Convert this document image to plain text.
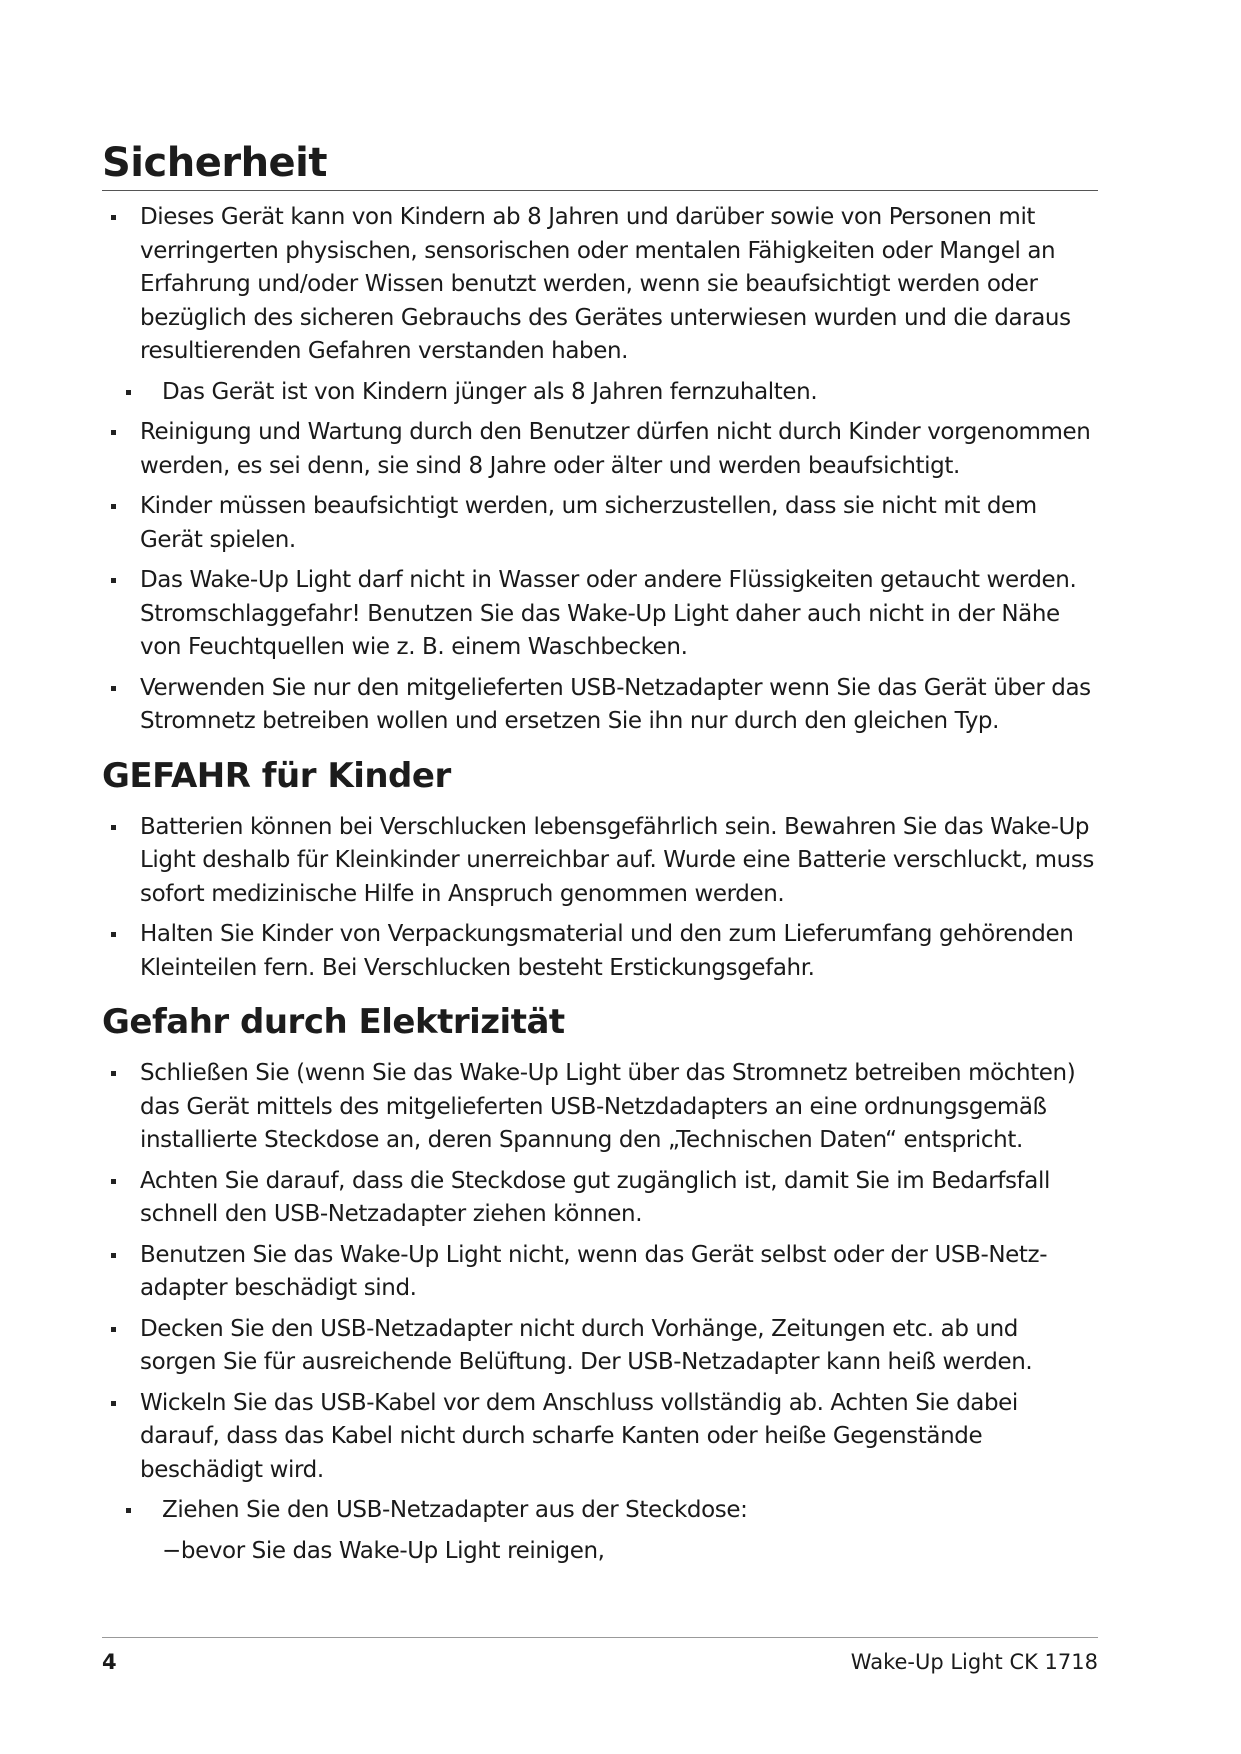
Sicherheit
Dieses Gerät kann von Kindern ab 8 Jahren und darüber sowie von Personen mit verringerten physischen, sensorischen oder mentalen Fähigkeiten oder Mangel an Erfahrung und/oder Wissen benutzt werden, wenn sie beaufsichtigt werden oder bezüglich des sicheren Gebrauchs des Gerätes unterwiesen wurden und die daraus resultierenden Gefahren verstanden haben.
Das Gerät ist von Kindern jünger als 8 Jahren fernzuhalten.
Reinigung und Wartung durch den Benutzer dürfen nicht durch Kinder vorgenommen werden, es sei denn, sie sind 8 Jahre oder älter und werden beaufsichtigt.
Kinder müssen beaufsichtigt werden, um sicherzustellen, dass sie nicht mit dem Gerät spielen.
Das Wake-Up Light darf nicht in Wasser oder andere Flüssigkeiten getaucht werden. Stromschlaggefahr! Benutzen Sie das Wake-Up Light daher auch nicht in der Nähe von Feuchtquellen wie z. B. einem Waschbecken.
Verwenden Sie nur den mitgelieferten USB-Netzadapter wenn Sie das Gerät über das Stromnetz betreiben wollen und ersetzen Sie ihn nur durch den gleichen Typ.
GEFAHR für Kinder
Batterien können bei Verschlucken lebensgefährlich sein. Bewahren Sie das Wake-Up Light deshalb für Kleinkinder unerreichbar auf. Wurde eine Batterie verschluckt, muss sofort medizinische Hilfe in Anspruch genommen werden.
Halten Sie Kinder von Verpackungsmaterial und den zum Lieferumfang gehörenden Kleinteilen fern. Bei Verschlucken besteht Erstickungsgefahr.
Gefahr durch Elektrizität
Schließen Sie (wenn Sie das Wake-Up Light über das Stromnetz betreiben möchten) das Gerät mittels des mitgelieferten USB-Netzdadapters an eine ordnungsgemäß installierte Steckdose an, deren Spannung den „Technischen Daten“ entspricht.
Achten Sie darauf, dass die Steckdose gut zugänglich ist, damit Sie im Bedarfsfall schnell den USB-Netzadapter ziehen können.
Benutzen Sie das Wake-Up Light nicht, wenn das Gerät selbst oder der USB-Netzadapter beschädigt sind.
Decken Sie den USB-Netzadapter nicht durch Vorhänge, Zeitungen etc. ab und sorgen Sie für ausreichende Belüftung. Der USB-Netzadapter kann heiß werden.
Wickeln Sie das USB-Kabel vor dem Anschluss vollständig ab. Achten Sie dabei darauf, dass das Kabel nicht durch scharfe Kanten oder heiße Gegenstände beschädigt wird.
Ziehen Sie den USB-Netzadapter aus der Steckdose:
−bevor Sie das Wake-Up Light reinigen,
4	Wake-Up Light CK 1718
